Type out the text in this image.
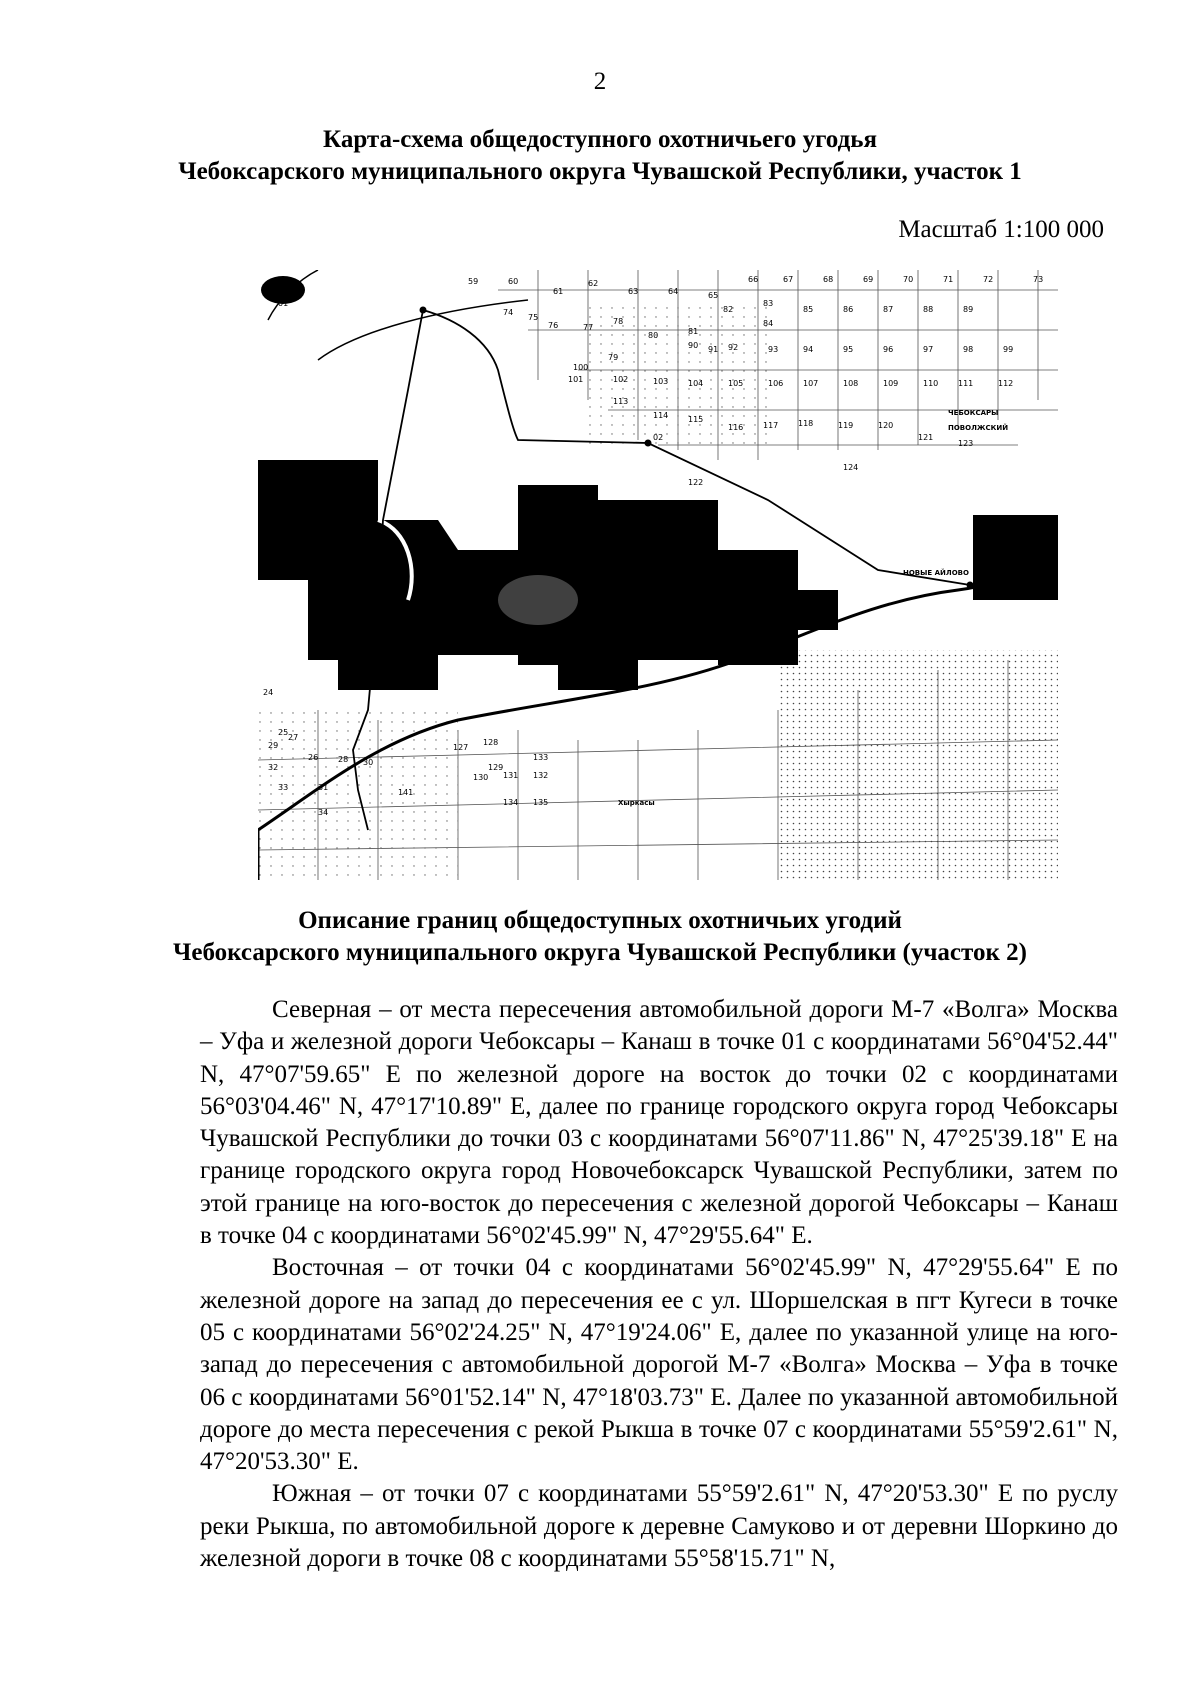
2
Карта-схема общедоступного охотничьего угодья
Чебоксарского муниципального округа Чувашской Республики, участок 1
Масштаб 1:100 000
59	60
61
62
63	64	65
66	67	68	69	70	71	72	73
74
75
76	77
78
79
80	81
82
83
84
85	86	87	88	89
90 91 92	93	94	95	96	97	98	99
100
101	102	103 104	105	106 107	108	109	110 111	112
113
114 115
116 117 118	119	120
121
122
123
124
24
25
26
27
28
29
30
31
32
33
34
127
128
129
130 131 132
133
134 135
141
01
02
НОВЫЕ АЙЛОВО
ЧЕБОКСАРЫ
12 КВАРТАЛ
ПОВОЛЖСКИЙ
Хыркасы
Описание границ общедоступных охотничьих угодий
Чебоксарского муниципального округа Чувашской Республики (участок 2)

Северная – от места пересечения автомобильной дороги М-7 «Волга» Москва – Уфа и железной дороги Чебоксары – Канаш в точке 01 с координатами 56°04'52.44" N, 47°07'59.65" E по железной дороге на восток до точки 02 с координатами 56°03'04.46" N, 47°17'10.89" E, далее по границе городского округа город Чебоксары Чувашской Республики до точки 03 с координатами 56°07'11.86" N, 47°25'39.18" E на границе городского округа город Новочебоксарск Чувашской Республики, затем по этой границе на юго-восток до пересечения с железной дорогой Чебоксары – Канаш в точке 04 с координатами 56°02'45.99" N, 47°29'55.64" E.

Восточная – от точки 04 с координатами 56°02'45.99" N, 47°29'55.64" E по железной дороге на запад до пересечения ее с ул. Шоршелская в пгт Кугеси в точке 05 с координатами 56°02'24.25" N, 47°19'24.06" E, далее по указанной улице на юго-запад до пересечения с автомобильной дорогой М-7 «Волга» Москва – Уфа в точке 06 с координатами 56°01'52.14" N, 47°18'03.73" E. Далее по указанной автомобильной дороге до места пересечения с рекой Рыкша в точке 07 с координатами 55°59'2.61" N, 47°20'53.30" E.

Южная – от точки 07 с координатами 55°59'2.61" N, 47°20'53.30" E по руслу реки Рыкша, по автомобильной дороге к деревне Самуково и от деревни Шоркино до железной дороги в точке 08 с координатами 55°58'15.71" N,
